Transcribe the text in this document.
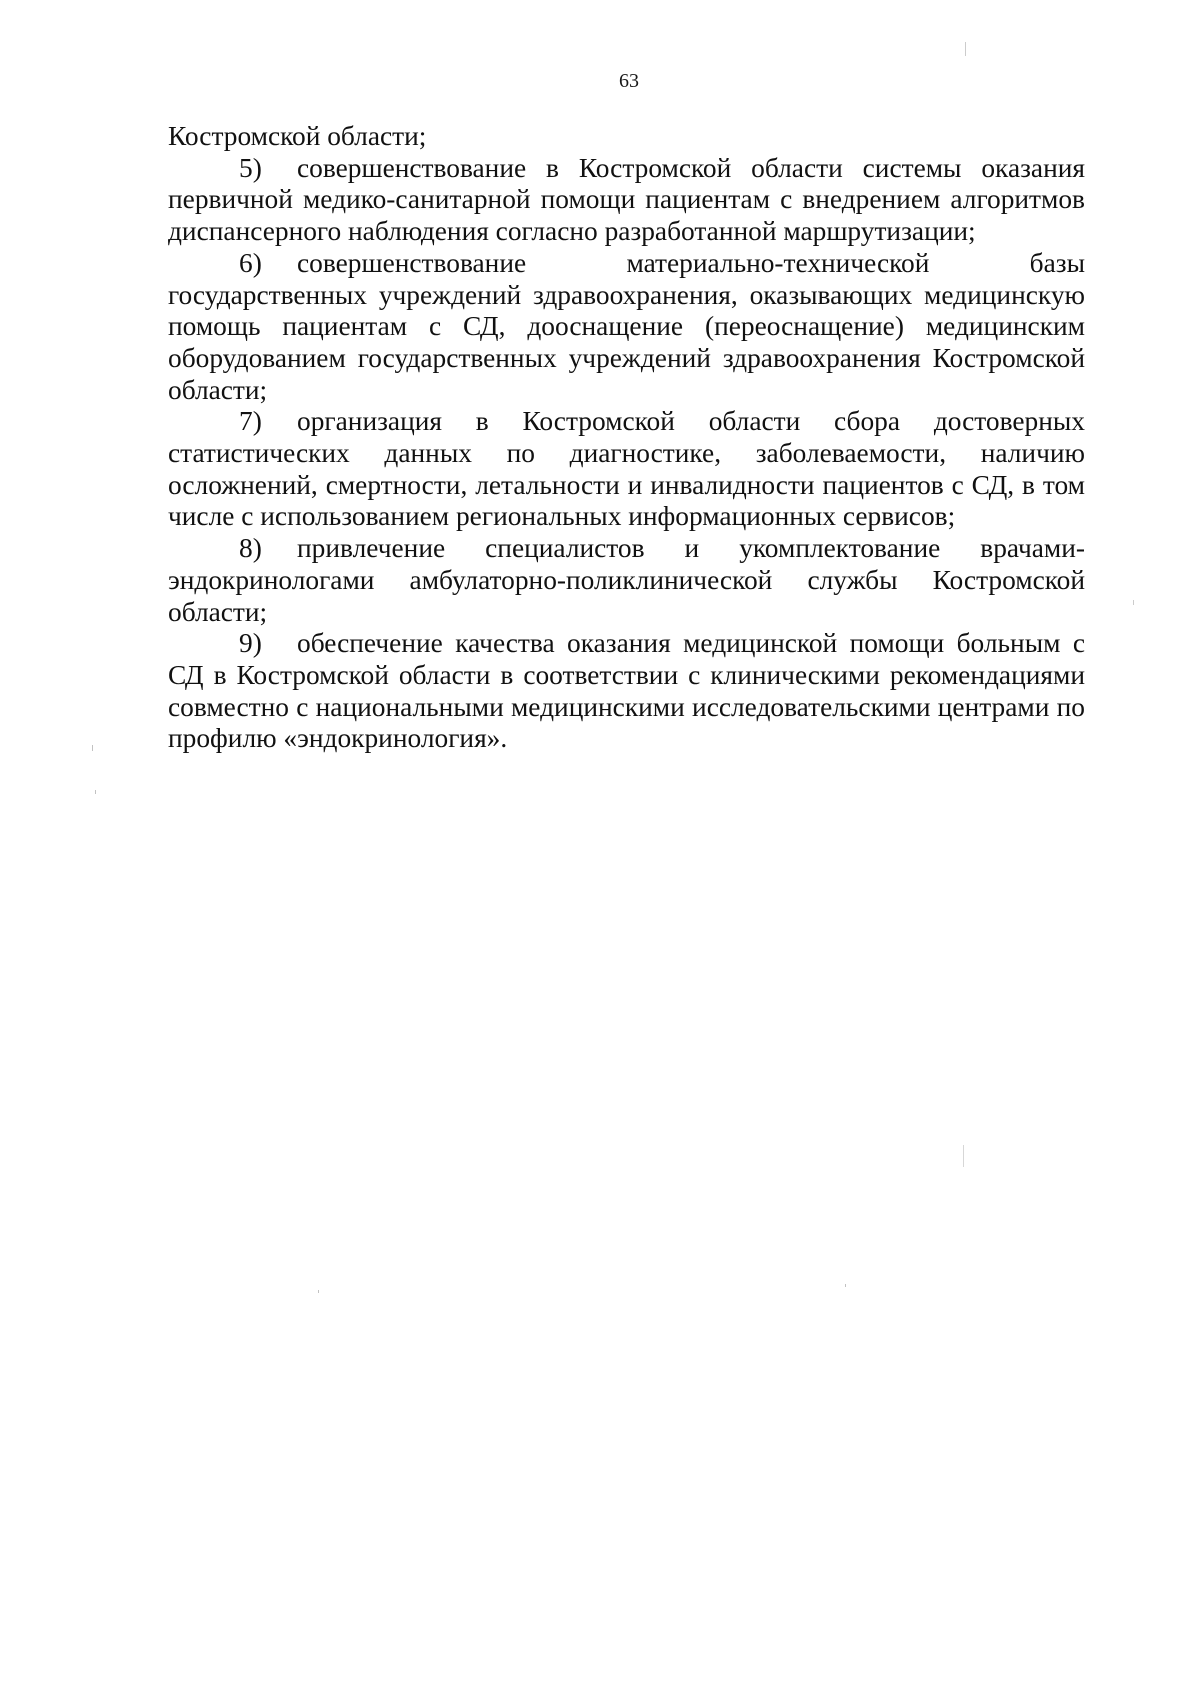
63

Костромской области;

5) совершенствование в Костромской области системы оказания первичной медико-санитарной помощи пациентам с внедрением алгоритмов диспансерного наблюдения согласно разработанной маршрутизации;

6) совершенствование материально-технической базы государственных учреждений здравоохранения, оказывающих медицинскую помощь пациентам с СД, дооснащение (переоснащение) медицинским оборудованием государственных учреждений здравоохранения Костромской области;

7) организация в Костромской области сбора достоверных статистических данных по диагностике, заболеваемости, наличию осложнений, смертности, летальности и инвалидности пациентов с СД, в том числе с использованием региональных информационных сервисов;

8) привлечение специалистов и укомплектование врачами-эндокринологами амбулаторно-поликлинической службы Костромской области;

9) обеспечение качества оказания медицинской помощи больным с СД в Костромской области в соответствии с клиническими рекомендациями совместно с национальными медицинскими исследовательскими центрами по профилю «эндокринология».
